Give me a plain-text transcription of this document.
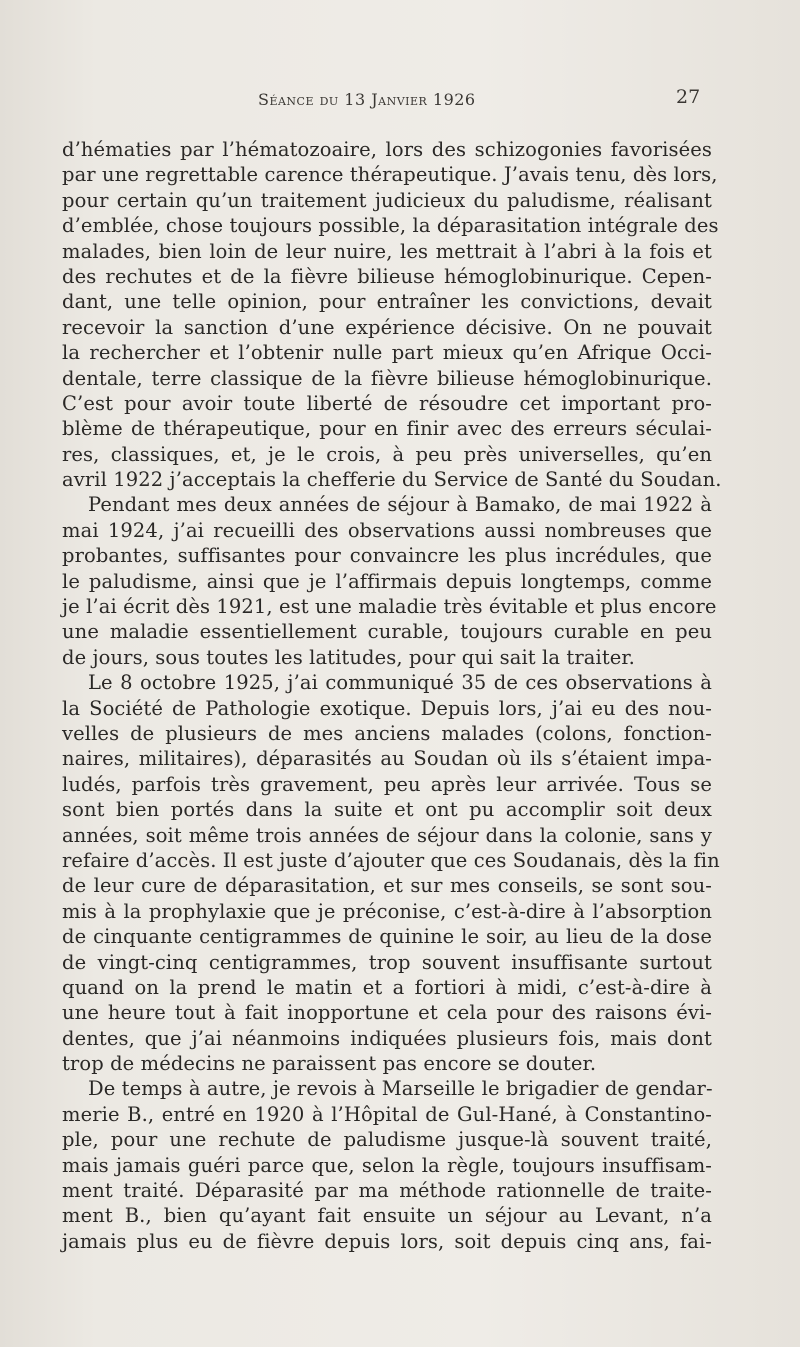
Séance du 13 Janvier 1926	27
d’hématies par l’hématozoaire, lors des schizogonies favorisées
par une regrettable carence thérapeutique. J’avais tenu, dès lors,
pour certain qu’un traitement judicieux du paludisme, réalisant
d’emblée, chose toujours possible, la déparasitation intégrale des
malades, bien loin de leur nuire, les mettrait à l’abri à la fois et
des rechutes et de la fièvre bilieuse hémoglobinurique. Cepen-
dant, une telle opinion, pour entraîner les convictions, devait
recevoir la sanction d’une expérience décisive. On ne pouvait
la rechercher et l’obtenir nulle part mieux qu’en Afrique Occi-
dentale, terre classique de la fièvre bilieuse hémoglobinurique.
C’est pour avoir toute liberté de résoudre cet important pro-
blème de thérapeutique, pour en finir avec des erreurs séculai-
res, classiques, et, je le crois, à peu près universelles, qu’en
avril 1922 j’acceptais la chefferie du Service de Santé du Soudan.
Pendant mes deux années de séjour à Bamako, de mai 1922 à
mai 1924, j’ai recueilli des observations aussi nombreuses que
probantes, suffisantes pour convaincre les plus incrédules, que
le paludisme, ainsi que je l’affirmais depuis longtemps, comme
je l’ai écrit dès 1921, est une maladie très évitable et plus encore
une maladie essentiellement curable, toujours curable en peu
de jours, sous toutes les latitudes, pour qui sait la traiter.
Le 8 octobre 1925, j’ai communiqué 35 de ces observations à
la Société de Pathologie exotique. Depuis lors, j’ai eu des nou-
velles de plusieurs de mes anciens malades (colons, fonction-
naires, militaires), déparasités au Soudan où ils s’étaient impa-
ludés, parfois très gravement, peu après leur arrivée. Tous se
sont bien portés dans la suite et ont pu accomplir soit deux
années, soit même trois années de séjour dans la colonie, sans y
refaire d’accès. Il est juste d’ajouter que ces Soudanais, dès la fin
de leur cure de déparasitation, et sur mes conseils, se sont sou-
mis à la prophylaxie que je préconise, c’est-à-dire à l’absorption
de cinquante centigrammes de quinine le soir, au lieu de la dose
de vingt-cinq centigrammes, trop souvent insuffisante surtout
quand on la prend le matin et a fortiori à midi, c’est-à-dire à
une heure tout à fait inopportune et cela pour des raisons évi-
dentes, que j’ai néanmoins indiquées plusieurs fois, mais dont
trop de médecins ne paraissent pas encore se douter.
De temps à autre, je revois à Marseille le brigadier de gendar-
merie B., entré en 1920 à l’Hôpital de Gul-Hané, à Constantino-
ple, pour une rechute de paludisme jusque-là souvent traité,
mais jamais guéri parce que, selon la règle, toujours insuffisam-
ment traité. Déparasité par ma méthode rationnelle de traite-
ment B., bien qu’ayant fait ensuite un séjour au Levant, n’a
jamais plus eu de fièvre depuis lors, soit depuis cinq ans, fai-
